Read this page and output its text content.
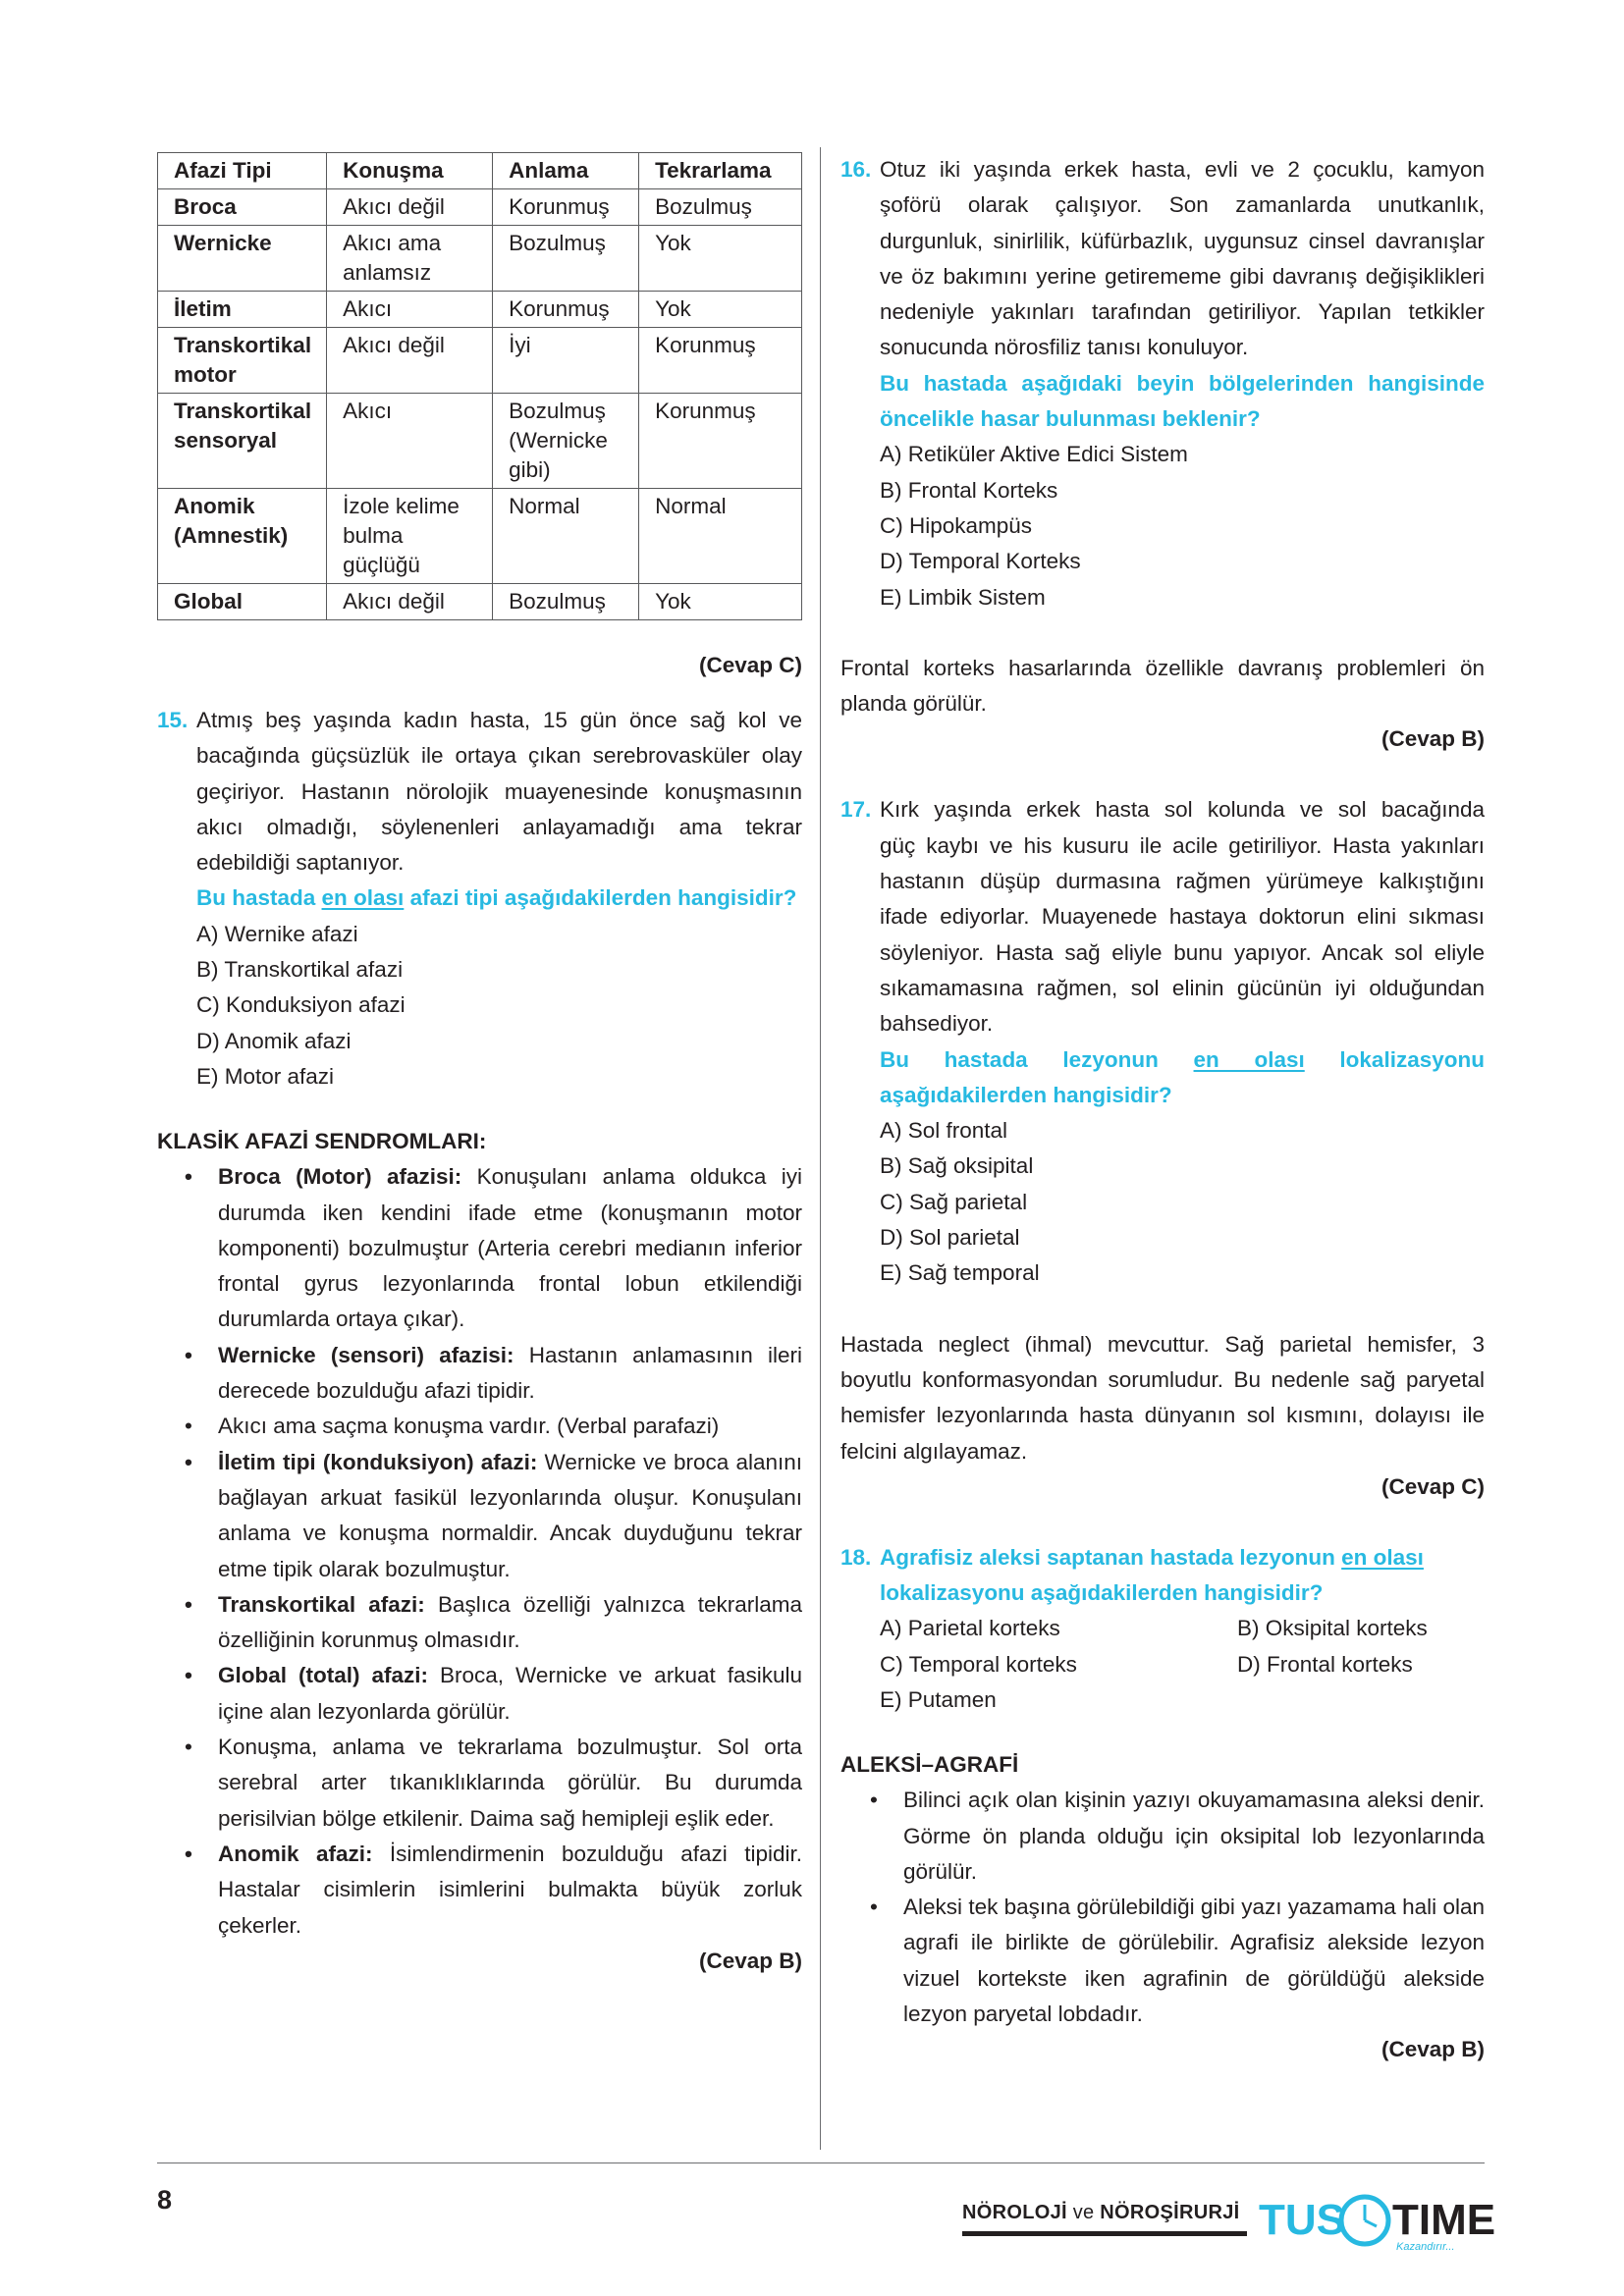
Afazi Tipi	Konuşma	Anlama	Tekrarlama
Broca	Akıcı değil	Korunmuş	Bozulmuş
Wernicke	Akıcı ama anlamsız	Bozulmuş	Yok
İletim	Akıcı	Korunmuş	Yok
Transkortikal motor	Akıcı değil	İyi	Korunmuş
Transkortikal sensoryal	Akıcı	Bozulmuş (Wernicke gibi)	Korunmuş
Anomik (Amnestik)	İzole kelime bulma güçlüğü	Normal	Normal
Global	Akıcı değil	Bozulmuş	Yok
(Cevap C)
15. Atmış beş yaşında kadın hasta, 15 gün önce sağ kol ve
bacağında güçsüzlük ile ortaya çıkan serebrovasküler olay geçiriyor. Hastanın nörolojik muayenesinde konuşmasının akıcı olmadığı, söylenenleri anlayamadığı ama tekrar edebildiği saptanıyor.
Bu hastada en olası afazi tipi aşağıdakilerden hangisidir?
A) Wernike afazi
B) Transkortikal afazi
C) Konduksiyon afazi
D) Anomik afazi
E) Motor afazi
KLASİK AFAZİ SENDROMLARI:
• Broca (Motor) afazisi: Konuşulanı anlama oldukca iyi durumda iken kendini ifade etme (konuşmanın motor komponenti) bozulmuştur (Arteria cerebri medianın inferior frontal gyrus lezyonlarında frontal lobun etkilendiği durumlarda ortaya çıkar).
• Wernicke (sensori) afazisi: Hastanın anlamasının ileri derecede bozulduğu afazi tipidir.
• Akıcı ama saçma konuşma vardır. (Verbal parafazi)
• İletim tipi (konduksiyon) afazi: Wernicke ve broca alanını bağlayan arkuat fasikül lezyonlarında oluşur. Konuşulanı anlama ve konuşma normaldir. Ancak duyduğunu tekrar etme tipik olarak bozulmuştur.
• Transkortikal afazi: Başlıca özelliği yalnızca tekrarlama özelliğinin korunmuş olmasıdır.
• Global (total) afazi: Broca, Wernicke ve arkuat fasikulu içine alan lezyonlarda görülür.
• Konuşma, anlama ve tekrarlama bozulmuştur. Sol orta serebral arter tıkanıklıklarında görülür. Bu durumda perisilvian bölge etkilenir. Daima sağ hemipleji eşlik eder.
• Anomik afazi: İsimlendirmenin bozulduğu afazi tipidir. Hastalar cisimlerin isimlerini bulmakta büyük zorluk çekerler.
(Cevap B)
16. Otuz iki yaşında erkek hasta, evli ve 2 çocuklu, kamyon
şoförü olarak çalışıyor. Son zamanlarda unutkanlık, durgunluk, sinirlilik, küfürbazlık, uygunsuz cinsel davranışlar ve öz bakımını yerine getirememe gibi davranış değişiklikleri nedeniyle yakınları tarafından getiriliyor. Yapılan tetkikler sonucunda nörosfiliz tanısı konuluyor.
Bu hastada aşağıdaki beyin bölgelerinden hangisinde öncelikle hasar bulunması beklenir?
A) Retiküler Aktive Edici Sistem
B) Frontal Korteks
C) Hipokampüs
D) Temporal Korteks
E) Limbik Sistem
Frontal korteks hasarlarında özellikle davranış problemleri ön planda görülür.
(Cevap B)
17. Kırk yaşında erkek hasta sol kolunda ve sol bacağında
güç kaybı ve his kusuru ile acile getiriliyor. Hasta yakınları hastanın düşüp durmasına rağmen yürümeye kalkıştığını ifade ediyorlar. Muayenede hastaya doktorun elini sıkması söyleniyor. Hasta sağ eliyle bunu yapıyor. Ancak sol eliyle sıkamamasına rağmen, sol elinin gücünün iyi olduğundan bahsediyor.
Bu hastada lezyonun en olası lokalizasyonu aşağıdakilerden hangisidir?
A) Sol frontal
B) Sağ oksipital
C) Sağ parietal
D) Sol parietal
E) Sağ temporal
Hastada neglect (ihmal) mevcuttur. Sağ parietal hemisfer, 3 boyutlu konformasyondan sorumludur. Bu nedenle sağ paryetal hemisfer lezyonlarında hasta dünyanın sol kısmını, dolayısı ile felcini algılayamaz.
(Cevap C)
18. Agrafisiz aleksi saptanan hastada lezyonun en olası
lokalizasyonu aşağıdakilerden hangisidir?
A) Parietal korteks	B) Oksipital korteks
C) Temporal korteks	D) Frontal korteks
E) Putamen
ALEKSİ–AGRAFİ
• Bilinci açık olan kişinin yazıyı okuyamamasına aleksi denir. Görme ön planda olduğu için oksipital lob lezyonlarında görülür.
• Aleksi tek başına görülebildiği gibi yazı yazamama hali olan agrafi ile birlikte de görülebilir. Agrafisiz alekside lezyon vizuel kortekste iken agrafinin de görüldüğü alekside lezyon paryetal lobdadır.
(Cevap B)
8	NÖROLOJİ ve NÖROŞİRURJİ TUS TIME
Kazandırır...
